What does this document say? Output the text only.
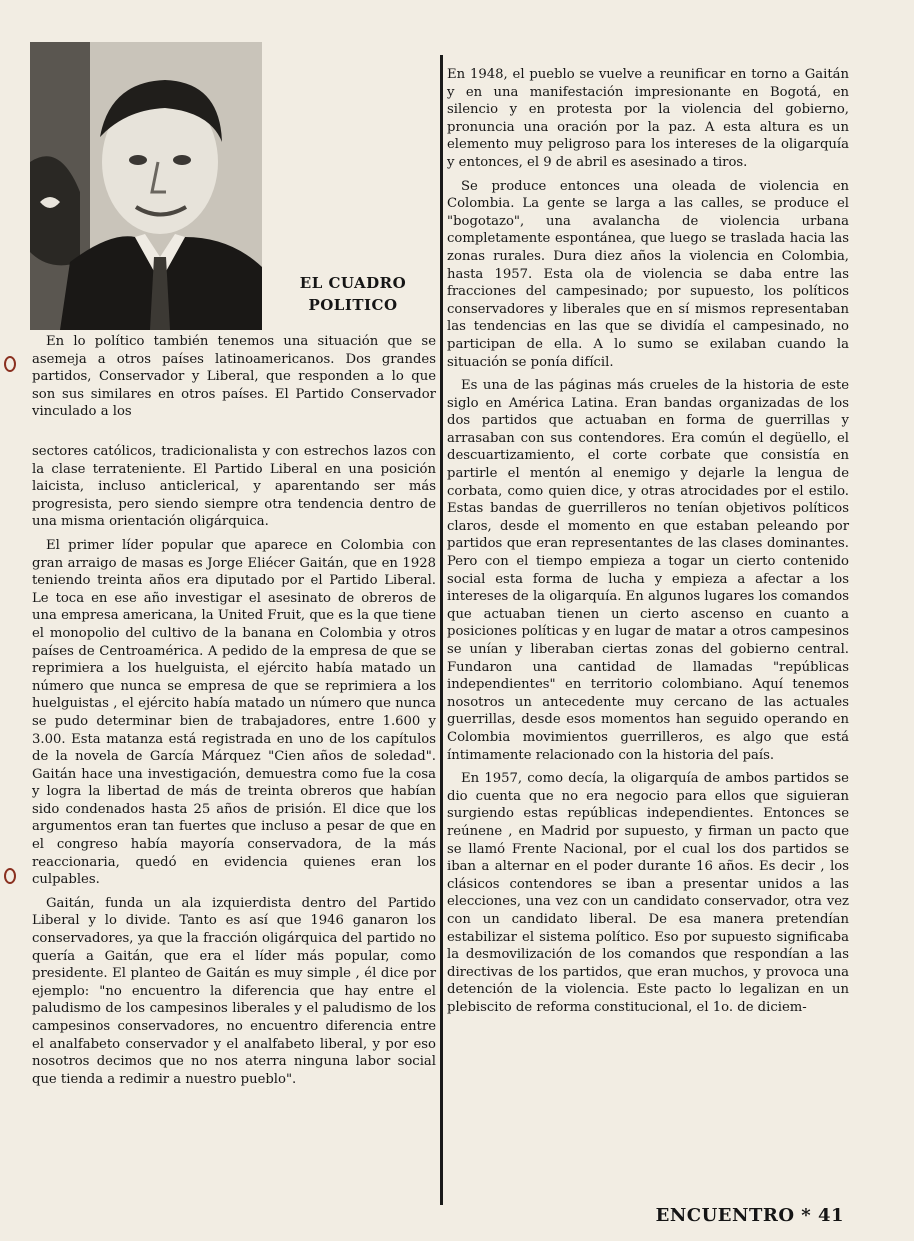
EL CUADRO
POLITICO

En lo político también tenemos una situación que se asemeja a otros países latinoamericanos. Dos grandes partidos, Conservador y Liberal, que responden a lo que son sus similares en otros países. El Partido Conservador vinculado a los

sectores católicos, tradicionalista y con estrechos lazos con la clase terrateniente. El Partido Liberal en una posición laicista, incluso anticlerical, y aparentando ser más progresista, pero siendo siempre otra tendencia dentro de una misma orientación oligárquica.

El primer líder popular que aparece en Colombia con gran arraigo de masas es Jorge Eliécer Gaitán, que en 1928 teniendo treinta años era diputado por el Partido Liberal. Le toca en ese año investigar el asesinato de obreros de una empresa americana, la United Fruit, que es la que tiene el monopolio del cultivo de la banana en Colombia y otros países de Centroamérica. A pedido de la empresa de que se reprimiera a los huelguista, el ejército había matado un número que nunca se empresa de que se reprimiera a los huelguistas , el ejército había matado un número que nunca se pudo determinar bien de trabajadores, entre 1.600 y 3.00. Esta matanza está registrada en uno de los capítulos de la novela de García Márquez "Cien años de soledad". Gaitán hace una investigación, demuestra como fue la cosa y logra la libertad de más de treinta obreros que habían sido condenados hasta 25 años de prisión. El dice que los argumentos eran tan fuertes que incluso a pesar de que en el congreso había mayoría conservadora, de la más reaccionaria, quedó en evidencia quienes eran los culpables.

Gaitán, funda un ala izquierdista dentro del Partido Liberal y lo divide. Tanto es así que 1946 ganaron los conservadores, ya que la fracción oligárquica del partido no quería a Gaitán, que era el líder más popular, como presidente. El planteo de Gaitán es muy simple , él dice por ejemplo: "no encuentro la diferencia que hay entre el paludismo de los campesinos liberales y el paludismo de los campesinos conservadores, no encuentro diferencia entre el analfabeto conservador y el analfabeto liberal, y por eso nosotros decimos que no nos aterra ninguna labor social que tienda a redimir a nuestro pueblo".

En 1948, el pueblo se vuelve a reunificar en torno a Gaitán y en una manifestación impresionante en Bogotá, en silencio y en protesta por la violencia del gobierno, pronuncia una oración por la paz. A esta altura es un elemento muy peligroso para los intereses de la oligarquía y entonces, el 9 de abril es asesinado a tiros.

Se produce entonces una oleada de violencia en Colombia. La gente se larga a las calles, se produce el "bogotazo", una avalancha de violencia urbana completamente espontánea, que luego se traslada hacia las zonas rurales. Dura diez años la violencia en Colombia, hasta 1957. Esta ola de violencia se daba entre las fracciones del campesinado; por supuesto, los políticos conservadores y liberales que en sí mismos representaban las tendencias en las que se dividía el campesinado, no participan de ella. A lo sumo se exilaban cuando la situación se ponía difícil.

Es una de las páginas más crueles de la historia de este siglo en América Latina. Eran bandas organizadas de los dos partidos que actuaban en forma de guerrillas y arrasaban con sus contendores. Era común el degüello, el descuartizamiento, el corte corbate que consistía en partirle el mentón al enemigo y dejarle la lengua de corbata, como quien dice, y otras atrocidades por el estilo. Estas bandas de guerrilleros no tenían objetivos políticos claros, desde el momento en que estaban peleando por partidos que eran representantes de las clases dominantes. Pero con el tiempo empieza a togar un cierto contenido social esta forma de lucha y empieza a afectar a los intereses de la oligarquía. En algunos lugares los comandos que actuaban tienen un cierto ascenso en cuanto a posiciones políticas y en lugar de matar a otros campesinos se unían y liberaban ciertas zonas del gobierno central. Fundaron una cantidad de llamadas "repúblicas independientes" en territorio colombiano. Aquí tenemos nosotros un antecedente muy cercano de las actuales guerrillas, desde esos momentos han seguido operando en Colombia movimientos guerrilleros, es algo que está íntimamente relacionado con la historia del país.

En 1957, como decía, la oligarquía de ambos partidos se dio cuenta que no era negocio para ellos que siguieran surgiendo estas repúblicas independientes. Entonces se reúnene , en Madrid por supuesto, y firman un pacto que se llamó Frente Nacional, por el cual los dos partidos se iban a alternar en el poder durante 16 años. Es decir , los clásicos contendores se iban a presentar unidos a las elecciones, una vez con un candidato conservador, otra vez con un candidato liberal. De esa manera pretendían estabilizar el sistema político. Eso por supuesto significaba la desmovilización de los comandos que respondían a las directivas de los partidos, que eran muchos, y provoca una detención de la violencia. Este pacto lo legalizan en un plebiscito de reforma constitucional, el 1o. de diciem-

ENCUENTRO * 41
